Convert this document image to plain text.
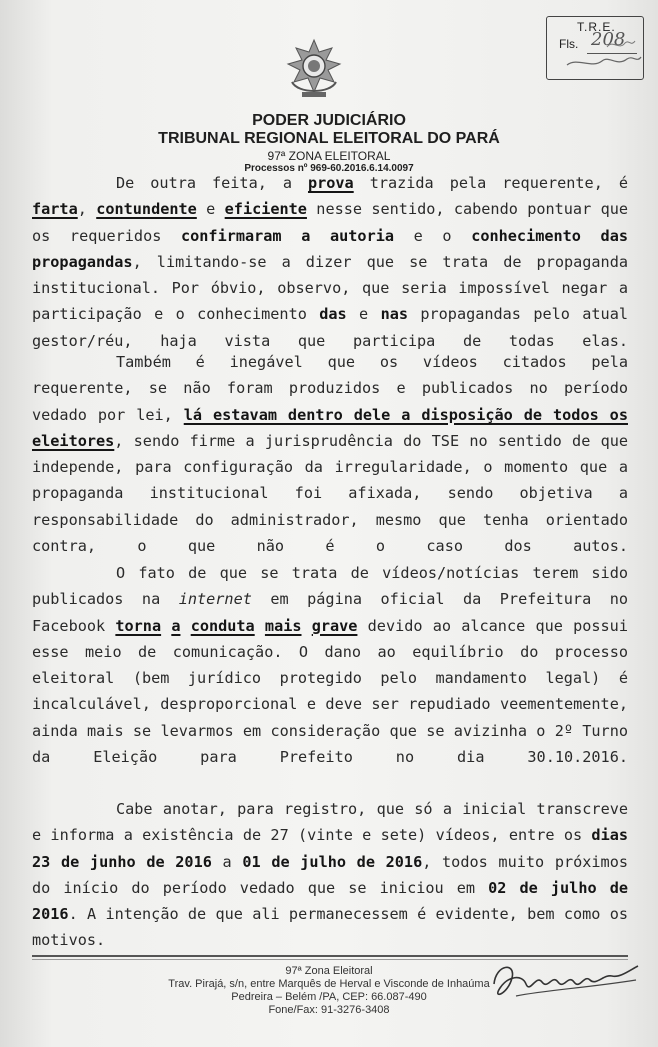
T.R.E.
Fls. 208
PODER JUDICIÁRIO
TRIBUNAL REGIONAL ELEITORAL DO PARÁ
97ª ZONA ELEITORAL
Processos nº 969-60.2016.6.14.0097

De outra feita, a prova trazida pela requerente, é farta, contundente e eficiente nesse sentido, cabendo pontuar que os requeridos confirmaram a autoria e o conhecimento das propagandas, limitando-se a dizer que se trata de propaganda institucional. Por óbvio, observo, que seria impossível negar a participação e o conhecimento das e nas propagandas pelo atual gestor/réu, haja vista que participa de todas elas.

Também é inegável que os vídeos citados pela requerente, se não foram produzidos e publicados no período vedado por lei, lá estavam dentro dele a disposição de todos os eleitores, sendo firme a jurisprudência do TSE no sentido de que independe, para configuração da irregularidade, o momento que a propaganda institucional foi afixada, sendo objetiva a responsabilidade do administrador, mesmo que tenha orientado contra, o que não é o caso dos autos.

O fato de que se trata de vídeos/notícias terem sido publicados na internet em página oficial da Prefeitura no Facebook torna a conduta mais grave devido ao alcance que possui esse meio de comunicação. O dano ao equilíbrio do processo eleitoral (bem jurídico protegido pelo mandamento legal) é incalculável, desproporcional e deve ser repudiado veementemente, ainda mais se levarmos em consideração que se avizinha o 2º Turno da Eleição para Prefeito no dia 30.10.2016.

Cabe anotar, para registro, que só a inicial transcreve e informa a existência de 27 (vinte e sete) vídeos, entre os dias 23 de junho de 2016 a 01 de julho de 2016, todos muito próximos do início do período vedado que se iniciou em 02 de julho de 2016. A intenção de que ali permanecessem é evidente, bem como os motivos.

97ª Zona Eleitoral

Trav. Pirajá, s/n, entre Marquês de Herval e Visconde de Inhaúma

Pedreira – Belém /PA, CEP: 66.087-490

Fone/Fax: 91-3276-3408
